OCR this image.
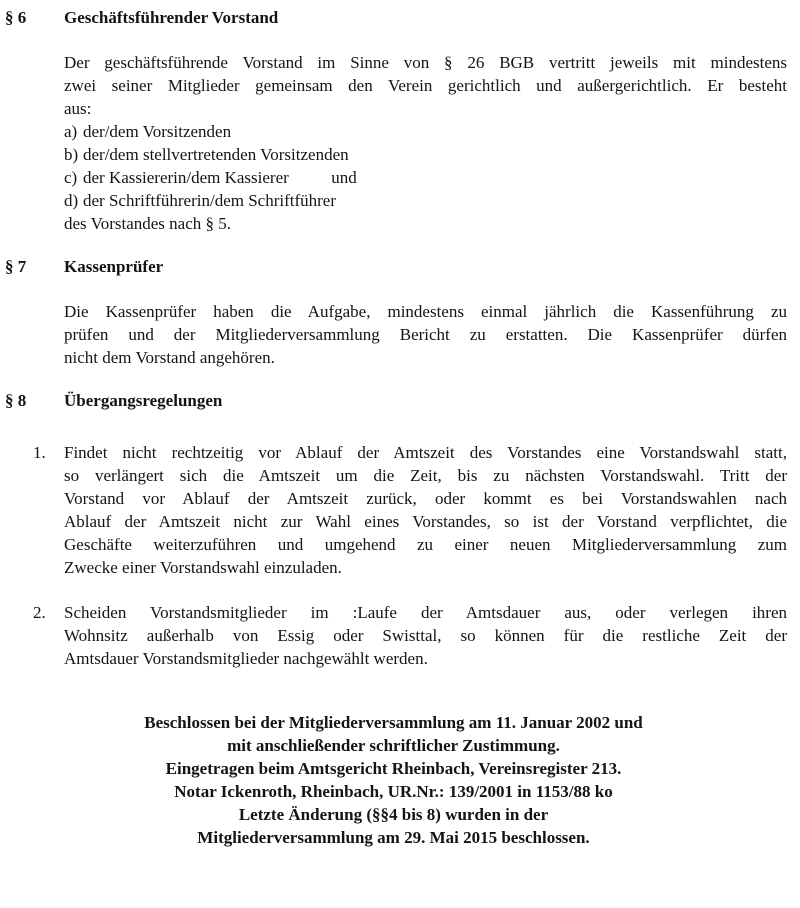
§ 6	Geschäftsführender Vorstand
Der geschäftsführende Vorstand im Sinne von § 26 BGB vertritt jeweils mit mindestens
zwei seiner Mitglieder gemeinsam den Verein gerichtlich und außergerichtlich. Er besteht
aus:
a) der/dem Vorsitzenden
b) der/dem stellvertretenden Vorsitzenden
c) der Kassiererin/dem Kassierer          und
d) der Schriftführerin/dem Schriftführer
des Vorstandes nach § 5.
§ 7	Kassenprüfer
Die Kassenprüfer haben die Aufgabe, mindestens einmal jährlich die Kassenführung zu
prüfen und der Mitgliederversammlung Bericht zu erstatten. Die Kassenprüfer dürfen
nicht dem Vorstand angehören.
§ 8	Übergangsregelungen
1.	Findet nicht rechtzeitig vor Ablauf der Amtszeit des Vorstandes eine Vorstandswahl statt,
so verlängert sich die Amtszeit um die Zeit, bis zu nächsten Vorstandswahl. Tritt der
Vorstand vor Ablauf der Amtszeit zurück, oder kommt es bei Vorstandswahlen nach
Ablauf der Amtszeit nicht zur Wahl eines Vorstandes, so ist der Vorstand verpflichtet, die
Geschäfte weiterzuführen und umgehend zu einer neuen Mitgliederversammlung zum
Zwecke einer Vorstandswahl einzuladen.
2.	Scheiden Vorstandsmitglieder im :Laufe der Amtsdauer aus, oder verlegen ihren
Wohnsitz außerhalb von Essig oder Swisttal, so können für die restliche Zeit der
Amtsdauer Vorstandsmitglieder nachgewählt werden.
Beschlossen bei der Mitgliederversammlung am 11. Januar 2002 und
mit anschließender schriftlicher Zustimmung.
Eingetragen beim Amtsgericht Rheinbach, Vereinsregister 213.
Notar Ickenroth, Rheinbach, UR.Nr.: 139/2001 in 1153/88 ko
Letzte Änderung (§§4 bis 8) wurden in der
Mitgliederversammlung am 29. Mai 2015 beschlossen.
